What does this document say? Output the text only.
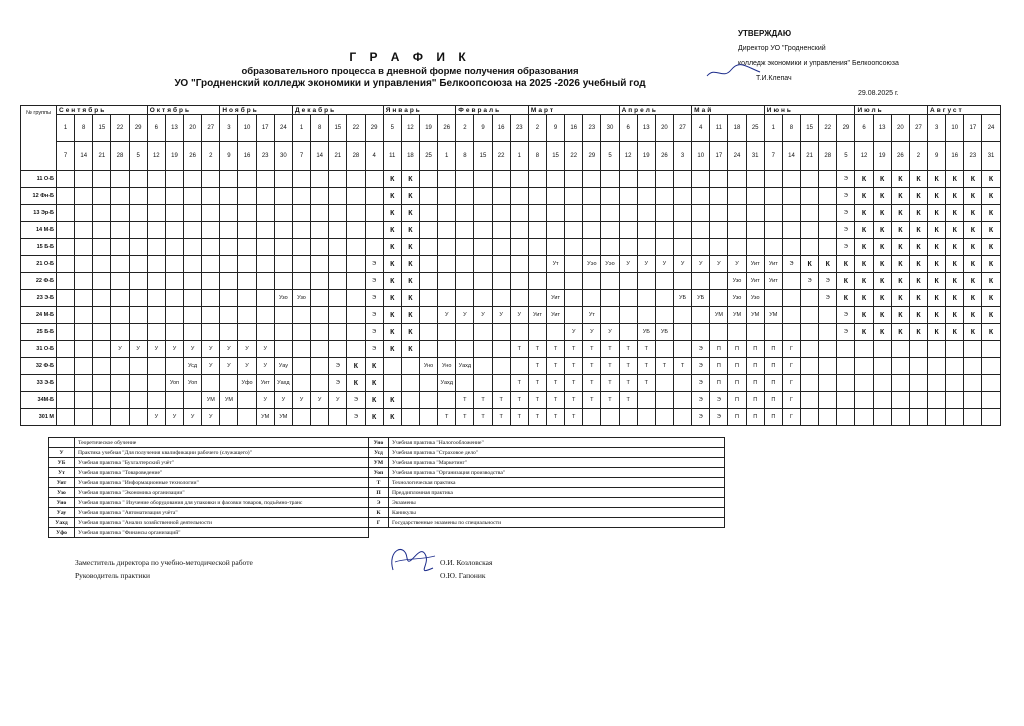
УТВЕРЖДАЮ
Директор УО "Гродненский
колледж экономики и управления" Белкоопсоюза
Т.И.Клепач
29.08.2025 г.
Г Р А Ф И К
образовательного процесса в дневной форме получения образования
УО "Гродненский колледж экономики и управления" Белкоопсоюза на 2025 -2026 учебный год
№ группы	Сентябрь					Октябрь				Ноябрь				Декабрь					Январь				Февраль				Март					Апрель				Май				Июнь					Июль				Август			
	1	8	15	22	29	6	13	20	27	3	10	17	24	1	8	15	22	29	5	12	19	26	2	9	16	23	2	9	16	23	30	6	13	20	27	4	11	18	25	1	8	15	22	29	6	13	20	27	3	10	17	24
	7	14	21	28	5	12	19	26	2	9	16	23	30	7	14	21	28	4	11	18	25	1	8	15	22	1	8	15	22	29	5	12	19	26	3	10	17	24	31	7	14	21	28	5	12	19	26	2	9	16	23	31
11 О-Б																			К	К																								Э	К	К	К	К	К	К	К	К
12 Фн-Б																			К	К																								Э	К	К	К	К	К	К	К	К
13 Эр-Б																			К	К																								Э	К	К	К	К	К	К	К	К
14 М-Б																			К	К																								Э	К	К	К	К	К	К	К	К
15 Б-Б																			К	К																								Э	К	К	К	К	К	К	К	К
21 О-Б																		Э	К	К								Ут		Уэо	Уэо	У	У	У	У	У	У	У	Уит	Уит	Э	К	К	К	К	К	К	К	К	К	К	К
22 Ф-Б																		Э	К	К																		Узо	Уит	Уит		Э	Э	К	К	К	К	К	К	К	К	К
23 Э-Б													Узо	Узо				Э	К	К								Уит							УБ	УБ		Узо	Узо				Э	К	К	К	К	К	К	К	К	К
24 М-Б																		Э	К	К		У	У	У	У	У	Уит	Уит		Ут							УМ	УМ	УМ	УМ				Э	К	К	К	К	К	К	К	К
25 Б-Б																		Э	К	К									У	У	У		УБ	УБ										Э	К	К	К	К	К	К	К	К
31 О-Б				У	У	У	У	У	У	У	У	У						Э	К	К						Т	Т	Т	Т	Т	Т	Т	Т			Э	П	П	П	П	Г											
32 Ф-Б								Усд	У	У	У	У	Уау			Э	К	К			Уно	Уно	Уахд				Т	Т	Т	Т	Т	Т	Т	Т	Т	Э	П	П	П	П	Г											
33 Э-Б							Уоп	Уоп			Уфо	Уит	Уахд			Э	К	К				Уахд				Т	Т	Т	Т	Т	Т	Т	Т			Э	П	П	П	П	Г											
34М-Б									УМ	УМ		У	У	У	У	У	Э	К	К				Т	Т	Т	Т	Т	Т	Т	Т	Т	Т				Э	Э	П	П	П	Г											
301 М						У	У	У	У			УМ	УМ				Э	К	К			Т	Т	Т	Т	Т	Т	Т	Т							Э	Э	П	П	П	Г											
	Теоретическое обучение	Уно	Учебная практика "Налогообложение"
У	Практика учебная "Для получения квалификации рабочего (служащего)"	Усд	Учебная практика "Страховое дело"
УБ	Учебная практика "Бухгалтерский учёт"	УМ	Учебная практика "Маркетинг"
Ут	Учебная практика "Товароведение"	Уоп	Учебная практика "Организация производства"
Уит	Учебная практика "Информационные технологии"	Т	Технологическая практика
Узо	Учебная практика "Экономика организации"	П	Преддипломная практика
Уио	Учебная практика " Изучение оборудования для упаковки и фасовки товаров, подъёмно-транс	Э	Экзамены
Уау	Учебная практика "Автоматизация учёта"	К	Каникулы
Уахд	Учебная практика "Анализ хозяйственной деятельности	Г	Государственные экзамены по специальности
Уфо	Учебная практика "Финансы организаций"		
Заместитель директора по учебно-методической работе
Руководитель практики
О.И. Козловская
О.Ю. Гапоник
